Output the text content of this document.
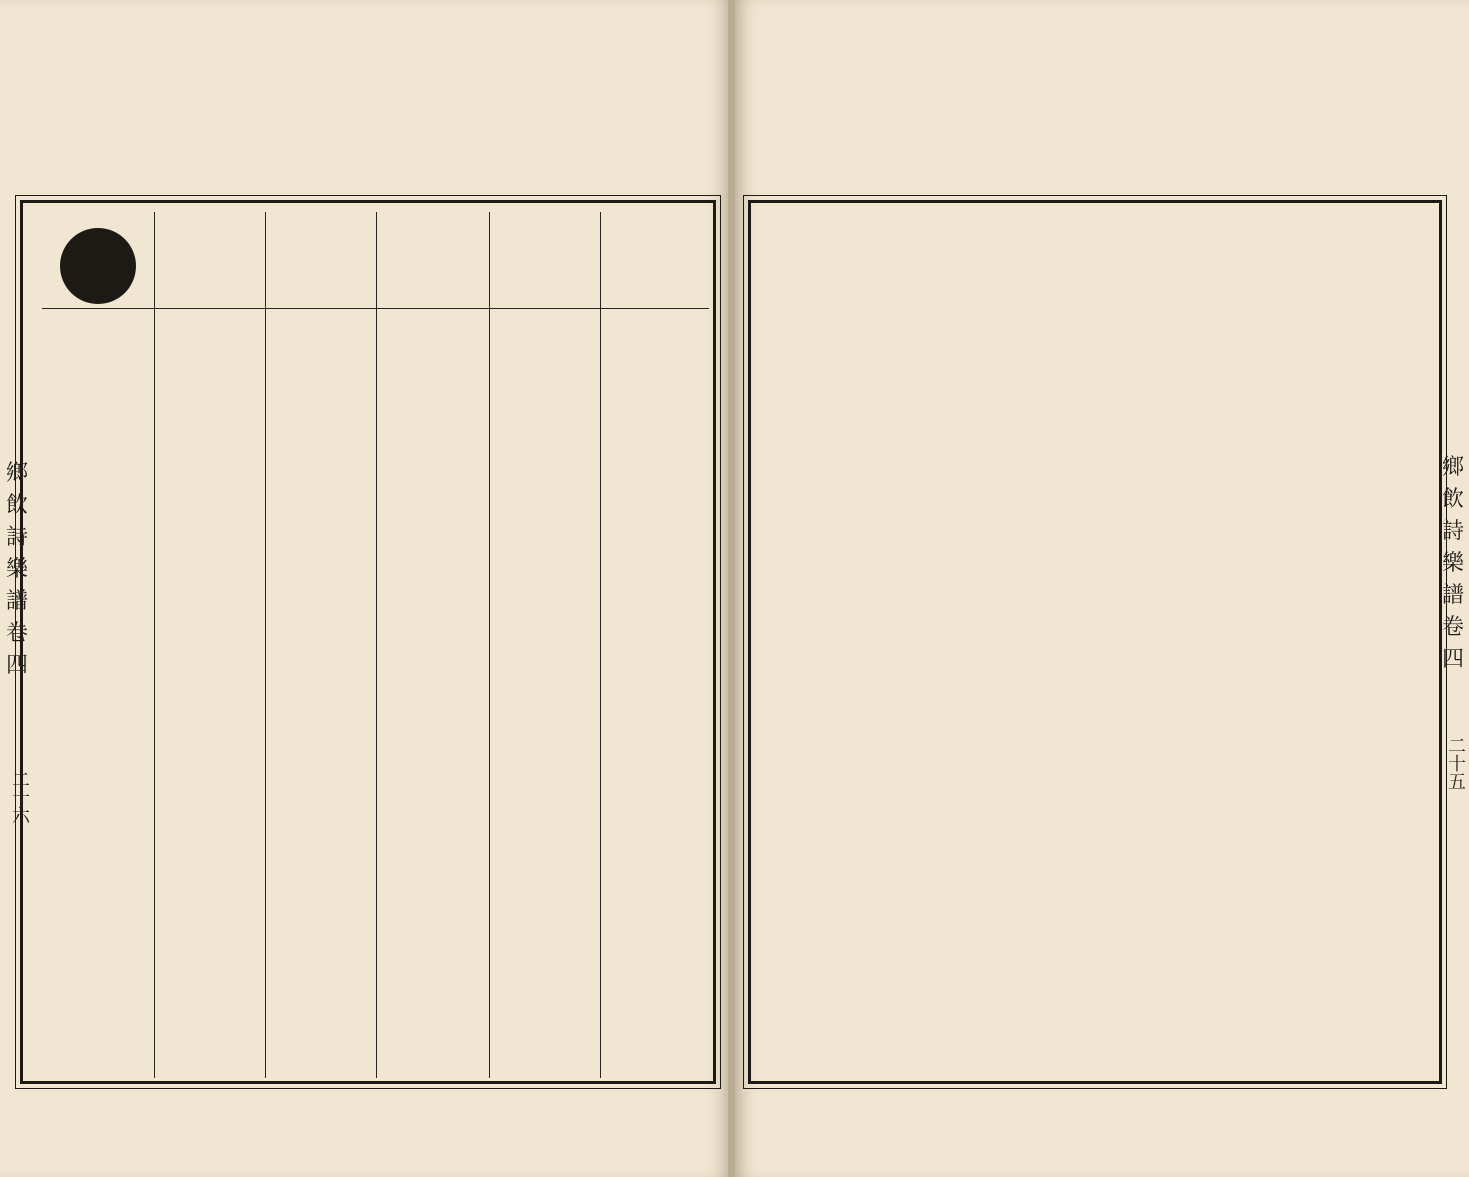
鄉飲詩樂譜卷四
二十六
鄉飲詩樂譜卷四
二十五
